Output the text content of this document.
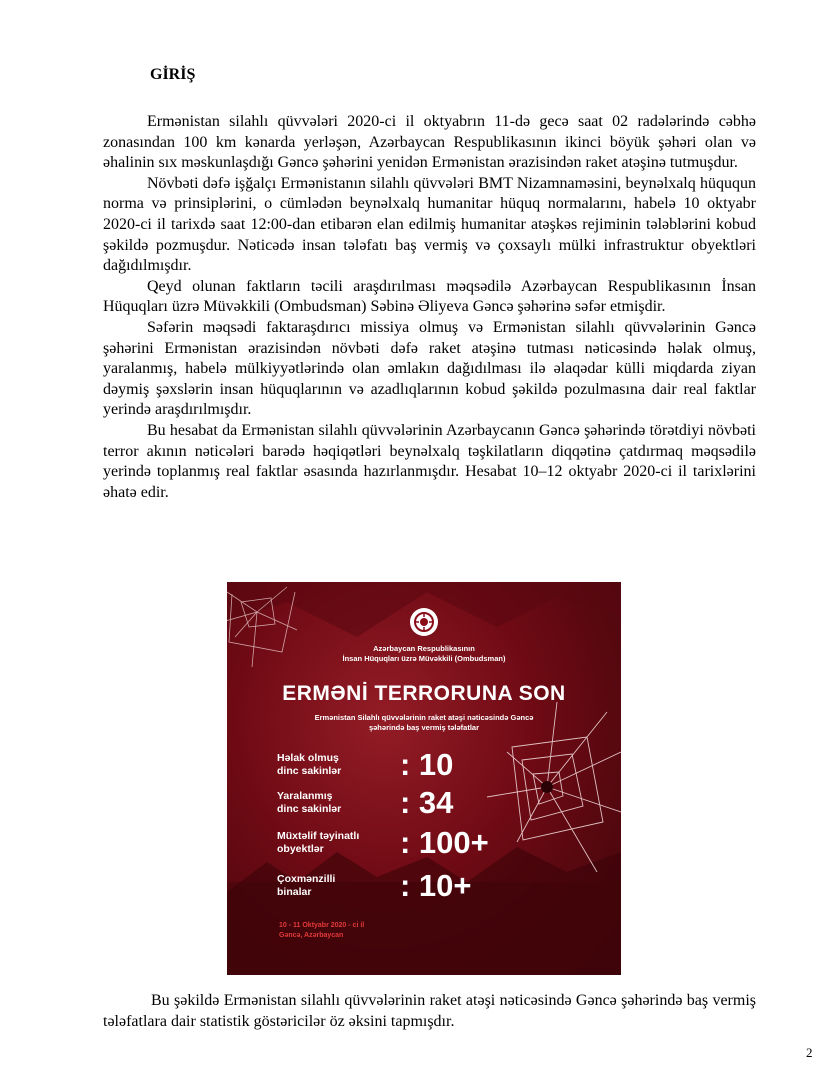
GİRİŞ

Ermənistan silahlı qüvvələri 2020-ci il oktyabrın 11-də gecə saat 02 radələrində cəbhə zonasından 100 km kənarda yerləşən, Azərbaycan Respublikasının ikinci böyük şəhəri olan və əhalinin sıx məskunlaşdığı Gəncə şəhərini yenidən Ermənistan ərazisindən raket atəşinə tutmuşdur.

Növbəti dəfə işğalçı Ermənistanın silahlı qüvvələri BMT Nizamnaməsini, beynəlxalq hüququn norma və prinsiplərini, o cümlədən beynəlxalq humanitar hüquq normalarını, habelə 10 oktyabr 2020-ci il tarixdə saat 12:00-dan etibarən elan edilmiş humanitar atəşkəs rejiminin tələblərini kobud şəkildə pozmuşdur. Nəticədə insan tələfatı baş vermiş və çoxsaylı mülki infrastruktur obyektləri dağıdılmışdır.

Qeyd olunan faktların təcili araşdırılması məqsədilə Azərbaycan Respublikasının İnsan Hüquqları üzrə Müvəkkili (Ombudsman) Səbinə Əliyeva Gəncə şəhərinə səfər etmişdir.

Səfərin məqsədi faktaraşdırıcı missiya olmuş və Ermənistan silahlı qüvvələrinin Gəncə şəhərini Ermənistan ərazisindən növbəti dəfə raket atəşinə tutması nəticəsində həlak olmuş, yaralanmış, habelə mülkiyyətlərində olan əmlakın dağıdılması ilə əlaqədar külli miqdarda ziyan dəymiş şəxslərin insan hüquqlarının və azadlıqlarının kobud şəkildə pozulmasına dair real faktlar yerində araşdırılmışdır.

Bu hesabat da Ermənistan silahlı qüvvələrinin Azərbaycanın Gəncə şəhərində törətdiyi növbəti terror akının nəticələri barədə həqiqətləri beynəlxalq təşkilatların diqqətinə çatdırmaq məqsədilə yerində toplanmış real faktlar əsasında hazırlanmışdır. Hesabat 10–12 oktyabr 2020-ci il tarixlərini əhatə edir.

Azərbaycan Respublikasının
İnsan Hüquqları üzrə Müvəkkili (Ombudsman)
ERMƏNİ TERRORUNA SON
Ermənistan Silahlı qüvvələrinin raket atəşi nəticəsində Gəncə
şəhərində baş vermiş tələfatlar
Həlak olmuş
dinc sakinlər	: 10
Yaralanmış
dinc sakinlər	: 34
Müxtəlif təyinatlı
obyektlər	: 100+
Çoxmənzilli
binalar	: 10+
10 - 11 Oktyabr 2020 - ci il
Gəncə, Azərbaycan

Bu şəkildə Ermənistan silahlı qüvvələrinin raket atəşi nəticəsində Gəncə şəhərində baş vermiş tələfatlara dair statistik göstəricilər öz əksini tapmışdır.

2
